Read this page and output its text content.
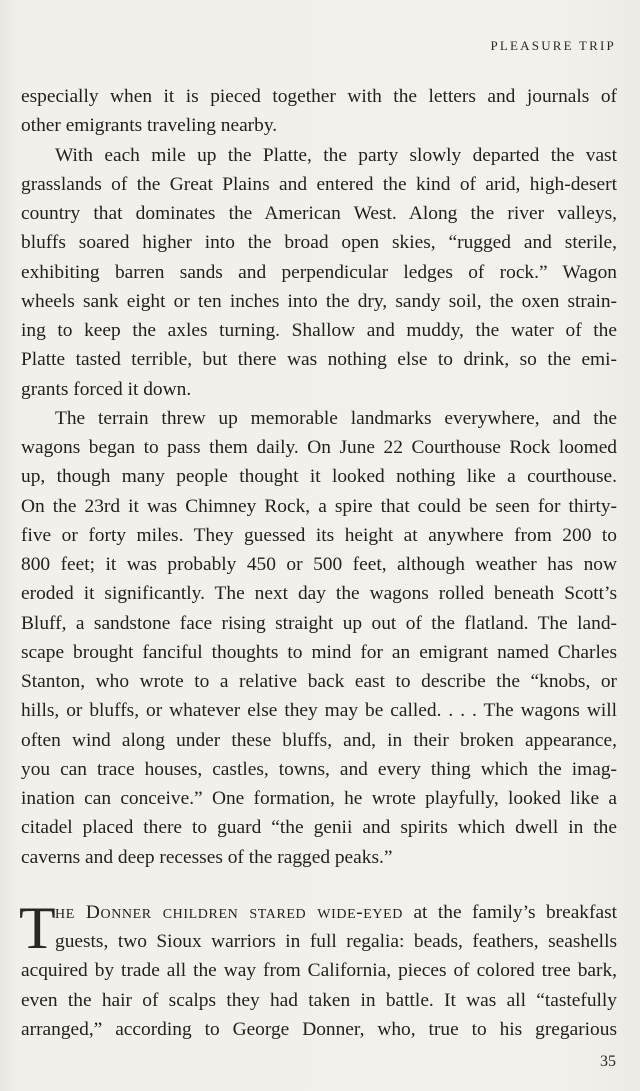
PLEASURE TRIP
especially when it is pieced together with the letters and journals of
other emigrants traveling nearby.
With each mile up the Platte, the party slowly departed the vast
grasslands of the Great Plains and entered the kind of arid, high-desert
country that dominates the American West. Along the river valleys,
bluffs soared higher into the broad open skies, “rugged and sterile,
exhibiting barren sands and perpendicular ledges of rock.” Wagon
wheels sank eight or ten inches into the dry, sandy soil, the oxen strain-
ing to keep the axles turning. Shallow and muddy, the water of the
Platte tasted terrible, but there was nothing else to drink, so the emi-
grants forced it down.
The terrain threw up memorable landmarks everywhere, and the
wagons began to pass them daily. On June 22 Courthouse Rock loomed
up, though many people thought it looked nothing like a courthouse.
On the 23rd it was Chimney Rock, a spire that could be seen for thirty-
five or forty miles. They guessed its height at anywhere from 200 to
800 feet; it was probably 450 or 500 feet, although weather has now
eroded it significantly. The next day the wagons rolled beneath Scott’s
Bluff, a sandstone face rising straight up out of the flatland. The land-
scape brought fanciful thoughts to mind for an emigrant named Charles
Stanton, who wrote to a relative back east to describe the “knobs, or
hills, or bluffs, or whatever else they may be called. . . . The wagons will
often wind along under these bluffs, and, in their broken appearance,
you can trace houses, castles, towns, and every thing which the imag-
ination can conceive.” One formation, he wrote playfully, looked like a
citadel placed there to guard “the genii and spirits which dwell in the
caverns and deep recesses of the ragged peaks.”
T he Donner children stared wide-eyed at the family’s breakfast
guests, two Sioux warriors in full regalia: beads, feathers, seashells
acquired by trade all the way from California, pieces of colored tree bark,
even the hair of scalps they had taken in battle. It was all “tastefully
arranged,” according to George Donner, who, true to his gregarious
35
